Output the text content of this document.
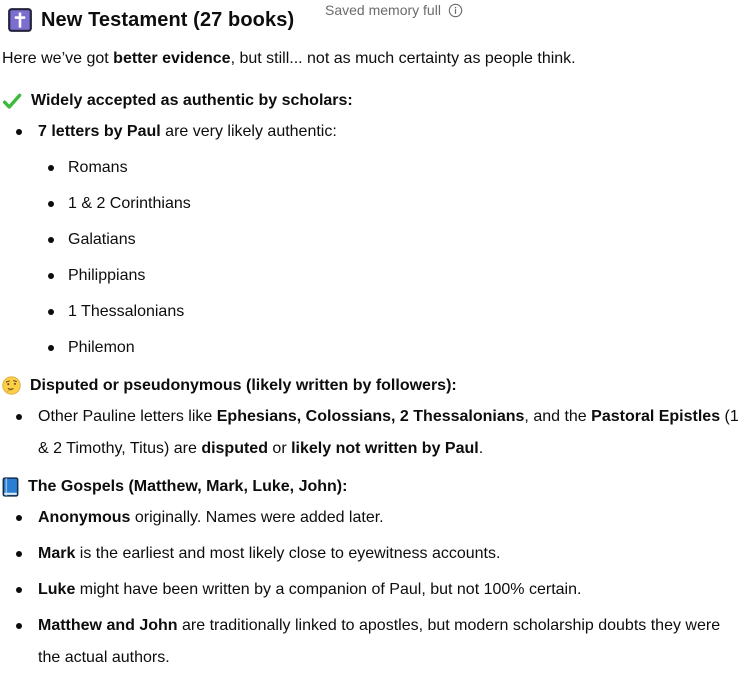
Saved memory full
New Testament (27 books)

Here we’ve got better evidence, but still... not as much certainty as people think.

Widely accepted as authentic by scholars:
7 letters by Paul are very likely authentic:
Romans
1 & 2 Corinthians
Galatians
Philippians
1 Thessalonians
Philemon
Disputed or pseudonymous (likely written by followers):
Other Pauline letters like Ephesians, Colossians, 2 Thessalonians, and the Pastoral Epistles (1 & 2 Timothy, Titus) are disputed or likely not written by Paul.
The Gospels (Matthew, Mark, Luke, John):
Anonymous originally. Names were added later.
Mark is the earliest and most likely close to eyewitness accounts.
Luke might have been written by a companion of Paul, but not 100% certain.
Matthew and John are traditionally linked to apostles, but modern scholarship doubts they were the actual authors.
